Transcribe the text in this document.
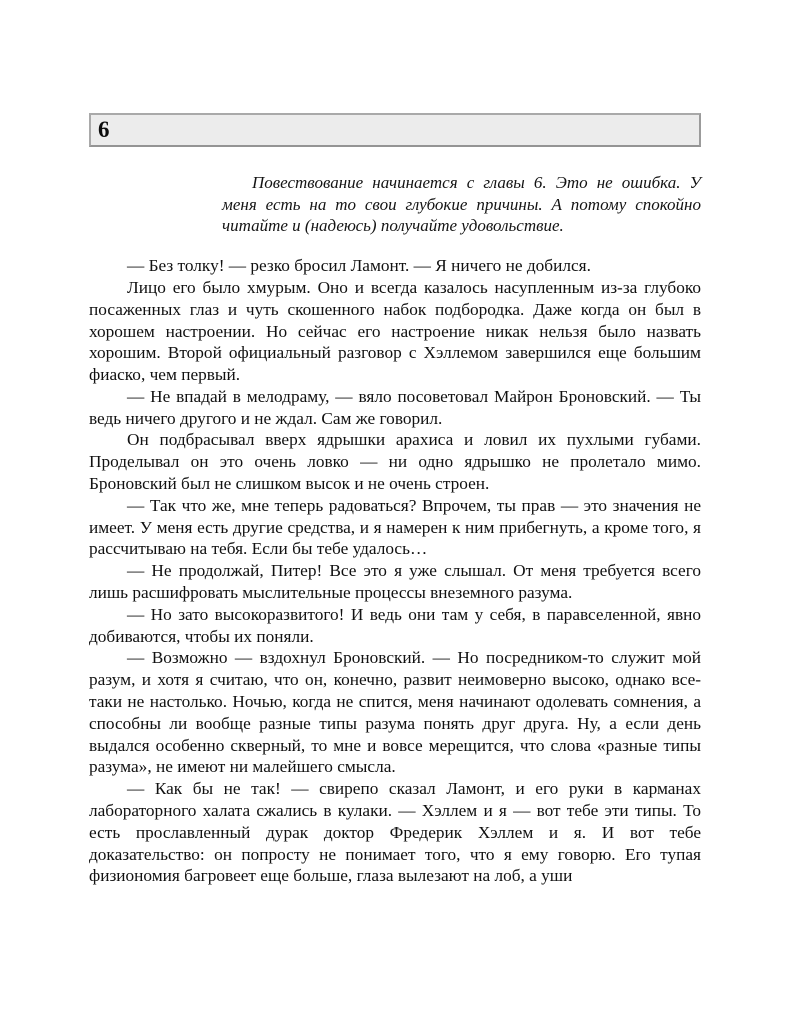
6
Повествование начинается с главы 6. Это не ошибка. У меня есть на то свои глубокие причины. А потому спокойно читайте и (надеюсь) получайте удовольствие.

— Без толку! — резко бросил Ламонт. — Я ничего не добился.

Лицо его было хмурым. Оно и всегда казалось насупленным из-за глубоко посаженных глаз и чуть скошенного набок подбородка. Даже когда он был в хорошем настроении. Но сейчас его настроение никак нельзя было назвать хорошим. Второй официальный разговор с Хэллемом завершился еще большим фиаско, чем первый.

— Не впадай в мелодраму, — вяло посоветовал Майрон Броновский. — Ты ведь ничего другого и не ждал. Сам же говорил.

Он подбрасывал вверх ядрышки арахиса и ловил их пухлыми губами. Проделывал он это очень ловко — ни одно ядрышко не пролетало мимо. Броновский был не слишком высок и не очень строен.

— Так что же, мне теперь радоваться? Впрочем, ты прав — это значения не имеет. У меня есть другие средства, и я намерен к ним прибегнуть, а кроме того, я рассчитываю на тебя. Если бы тебе удалось…

— Не продолжай, Питер! Все это я уже слышал. От меня требуется всего лишь расшифровать мыслительные процессы внеземного разума.

— Но зато высокоразвитого! И ведь они там у себя, в паравселенной, явно добиваются, чтобы их поняли.

— Возможно — вздохнул Броновский. — Но посредником-то служит мой разум, и хотя я считаю, что он, конечно, развит неимоверно высоко, однако все-таки не настолько. Ночью, когда не спится, меня начинают одолевать сомнения, а способны ли вообще разные типы разума понять друг друга. Ну, а если день выдался особенно скверный, то мне и вовсе мерещится, что слова «разные типы разума», не имеют ни малейшего смысла.

— Как бы не так! — свирепо сказал Ламонт, и его руки в карманах лабораторного халата сжались в кулаки. — Хэллем и я — вот тебе эти типы. То есть прославленный дурак доктор Фредерик Хэллем и я. И вот тебе доказательство: он попросту не понимает того, что я ему говорю. Его тупая физиономия багровеет еще больше, глаза вылезают на лоб, а уши
